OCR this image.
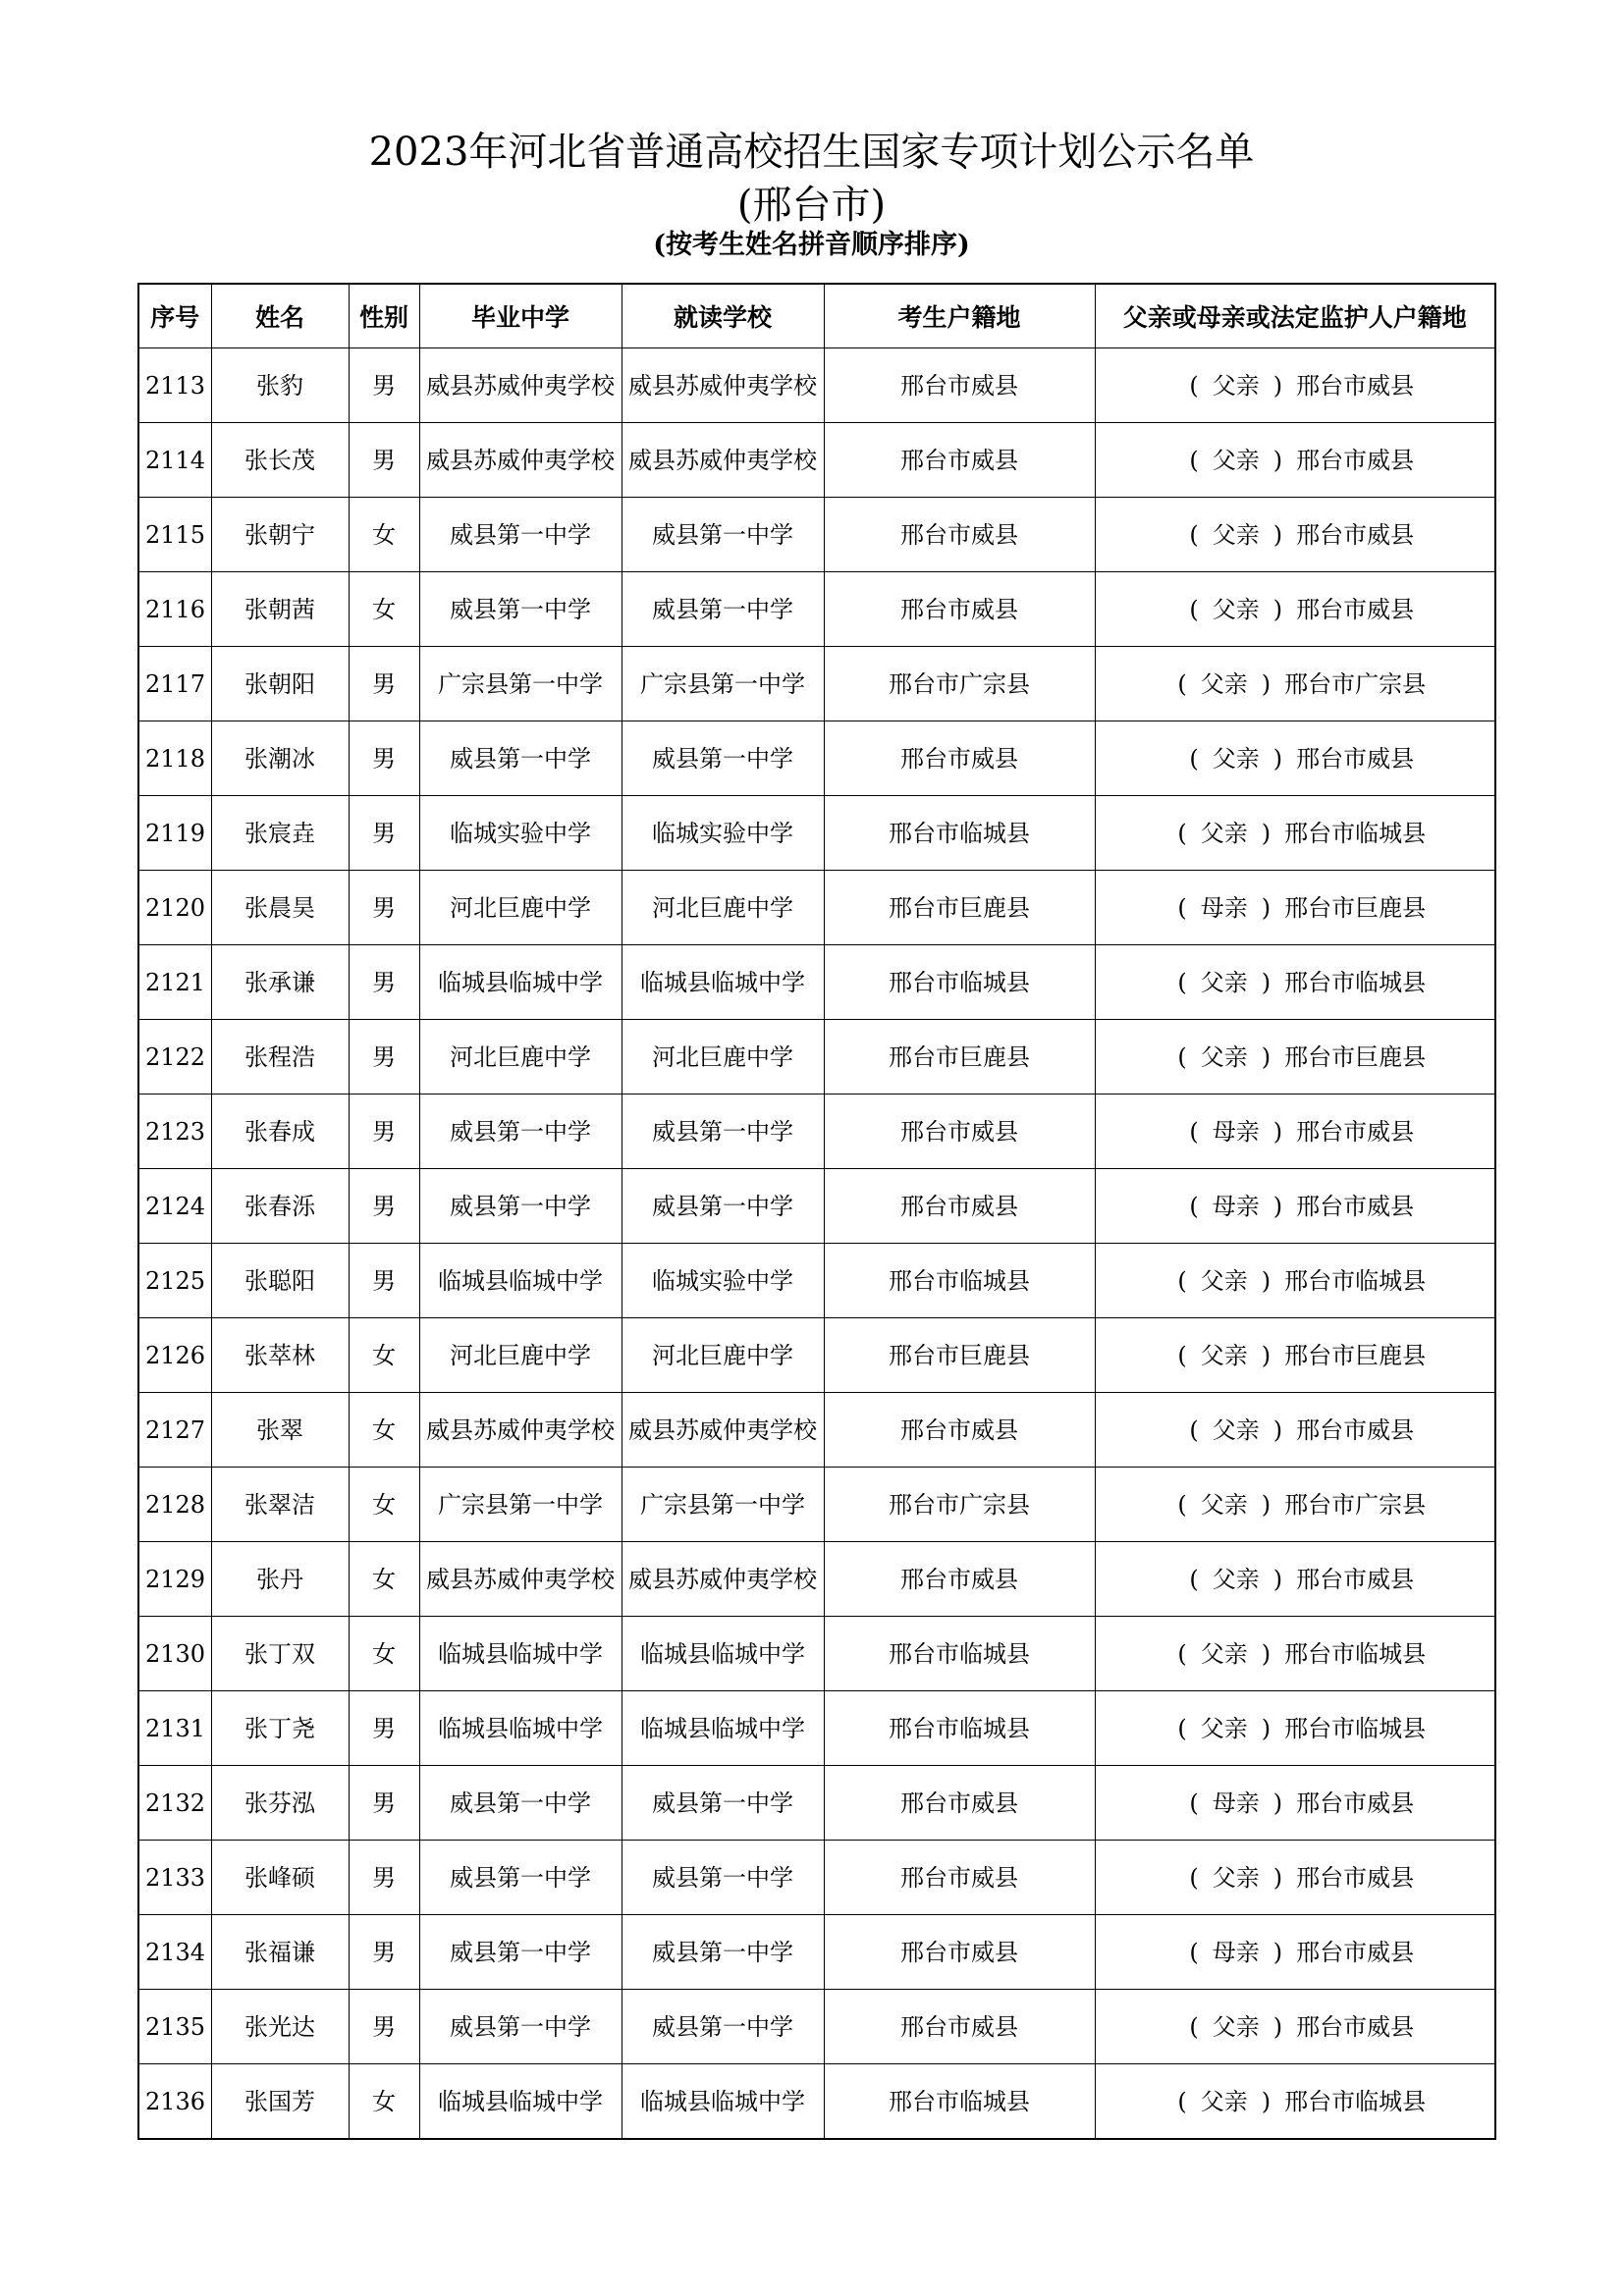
2023年河北省普通高校招生国家专项计划公示名单
(邢台市)
(按考生姓名拼音顺序排序)
序号	姓名	性别	毕业中学	就读学校	考生户籍地	父亲或母亲或法定监护人户籍地
2113	张豹	男	威县苏威仲夷学校	威县苏威仲夷学校	邢台市威县	( 父亲 ) 邢台市威县
2114	张长茂	男	威县苏威仲夷学校	威县苏威仲夷学校	邢台市威县	( 父亲 ) 邢台市威县
2115	张朝宁	女	威县第一中学	威县第一中学	邢台市威县	( 父亲 ) 邢台市威县
2116	张朝茜	女	威县第一中学	威县第一中学	邢台市威县	( 父亲 ) 邢台市威县
2117	张朝阳	男	广宗县第一中学	广宗县第一中学	邢台市广宗县	( 父亲 ) 邢台市广宗县
2118	张潮冰	男	威县第一中学	威县第一中学	邢台市威县	( 父亲 ) 邢台市威县
2119	张宸垚	男	临城实验中学	临城实验中学	邢台市临城县	( 父亲 ) 邢台市临城县
2120	张晨昊	男	河北巨鹿中学	河北巨鹿中学	邢台市巨鹿县	( 母亲 ) 邢台市巨鹿县
2121	张承谦	男	临城县临城中学	临城县临城中学	邢台市临城县	( 父亲 ) 邢台市临城县
2122	张程浩	男	河北巨鹿中学	河北巨鹿中学	邢台市巨鹿县	( 父亲 ) 邢台市巨鹿县
2123	张春成	男	威县第一中学	威县第一中学	邢台市威县	( 母亲 ) 邢台市威县
2124	张春泺	男	威县第一中学	威县第一中学	邢台市威县	( 母亲 ) 邢台市威县
2125	张聪阳	男	临城县临城中学	临城实验中学	邢台市临城县	( 父亲 ) 邢台市临城县
2126	张萃林	女	河北巨鹿中学	河北巨鹿中学	邢台市巨鹿县	( 父亲 ) 邢台市巨鹿县
2127	张翠	女	威县苏威仲夷学校	威县苏威仲夷学校	邢台市威县	( 父亲 ) 邢台市威县
2128	张翠洁	女	广宗县第一中学	广宗县第一中学	邢台市广宗县	( 父亲 ) 邢台市广宗县
2129	张丹	女	威县苏威仲夷学校	威县苏威仲夷学校	邢台市威县	( 父亲 ) 邢台市威县
2130	张丁双	女	临城县临城中学	临城县临城中学	邢台市临城县	( 父亲 ) 邢台市临城县
2131	张丁尧	男	临城县临城中学	临城县临城中学	邢台市临城县	( 父亲 ) 邢台市临城县
2132	张芬泓	男	威县第一中学	威县第一中学	邢台市威县	( 母亲 ) 邢台市威县
2133	张峰硕	男	威县第一中学	威县第一中学	邢台市威县	( 父亲 ) 邢台市威县
2134	张福谦	男	威县第一中学	威县第一中学	邢台市威县	( 母亲 ) 邢台市威县
2135	张光达	男	威县第一中学	威县第一中学	邢台市威县	( 父亲 ) 邢台市威县
2136	张国芳	女	临城县临城中学	临城县临城中学	邢台市临城县	( 父亲 ) 邢台市临城县
